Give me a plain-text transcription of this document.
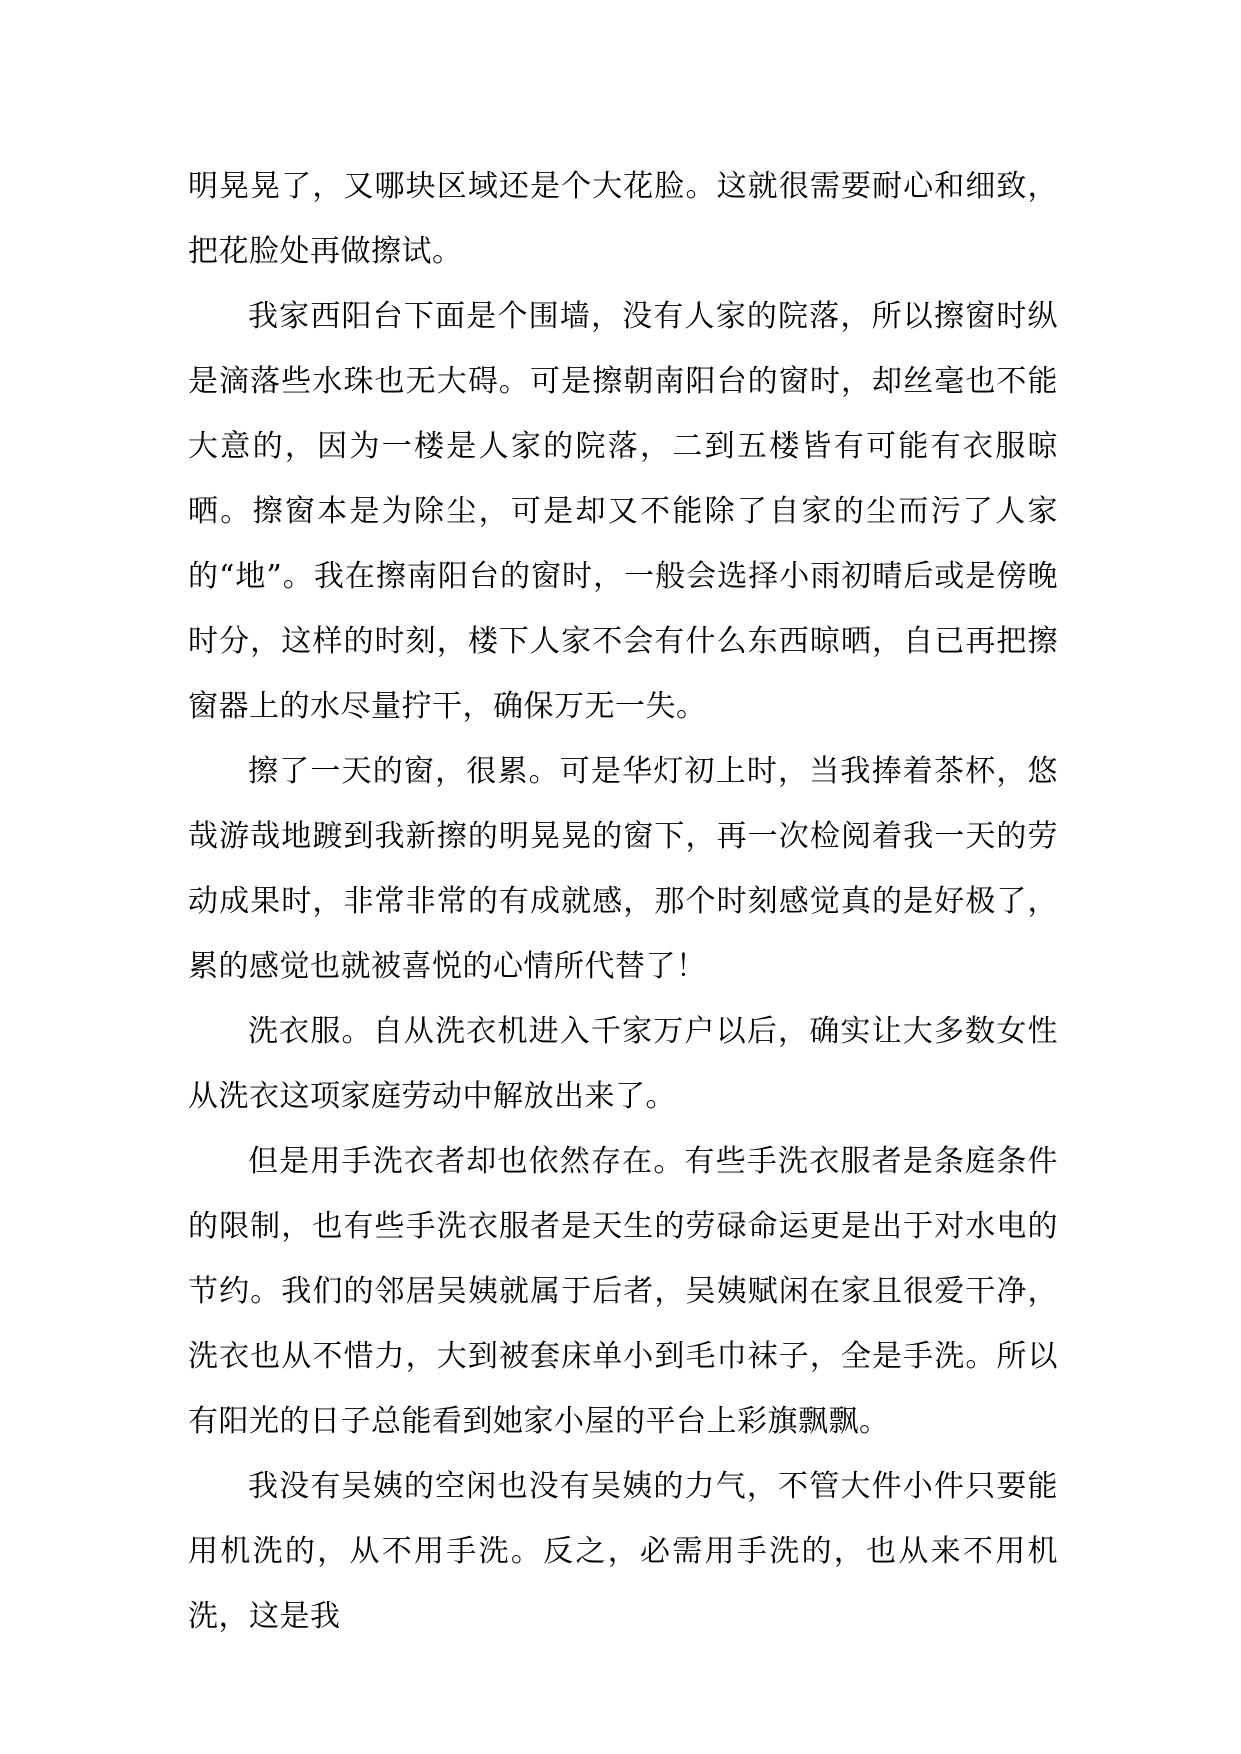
明晃晃了，又哪块区域还是个大花脸。这就很需要耐心和细致，把花脸处再做擦试。

我家西阳台下面是个围墙，没有人家的院落，所以擦窗时纵是滴落些水珠也无大碍。可是擦朝南阳台的窗时，却丝毫也不能大意的，因为一楼是人家的院落，二到五楼皆有可能有衣服晾晒。擦窗本是为除尘，可是却又不能除了自家的尘而污了人家的“地”。我在擦南阳台的窗时，一般会选择小雨初晴后或是傍晚时分，这样的时刻，楼下人家不会有什么东西晾晒，自已再把擦窗器上的水尽量拧干，确保万无一失。

擦了一天的窗，很累。可是华灯初上时，当我捧着茶杯，悠哉游哉地踱到我新擦的明晃晃的窗下，再一次检阅着我一天的劳动成果时，非常非常的有成就感，那个时刻感觉真的是好极了，累的感觉也就被喜悦的心情所代替了！

洗衣服。自从洗衣机进入千家万户以后，确实让大多数女性从洗衣这项家庭劳动中解放出来了。

但是用手洗衣者却也依然存在。有些手洗衣服者是条庭条件的限制，也有些手洗衣服者是天生的劳碌命运更是出于对水电的节约。我们的邻居吴姨就属于后者，吴姨赋闲在家且很爱干净，洗衣也从不惜力，大到被套床单小到毛巾袜子，全是手洗。所以有阳光的日子总能看到她家小屋的平台上彩旗飘飘。

我没有吴姨的空闲也没有吴姨的力气，不管大件小件只要能用机洗的，从不用手洗。反之，必需用手洗的，也从来不用机洗，这是我
